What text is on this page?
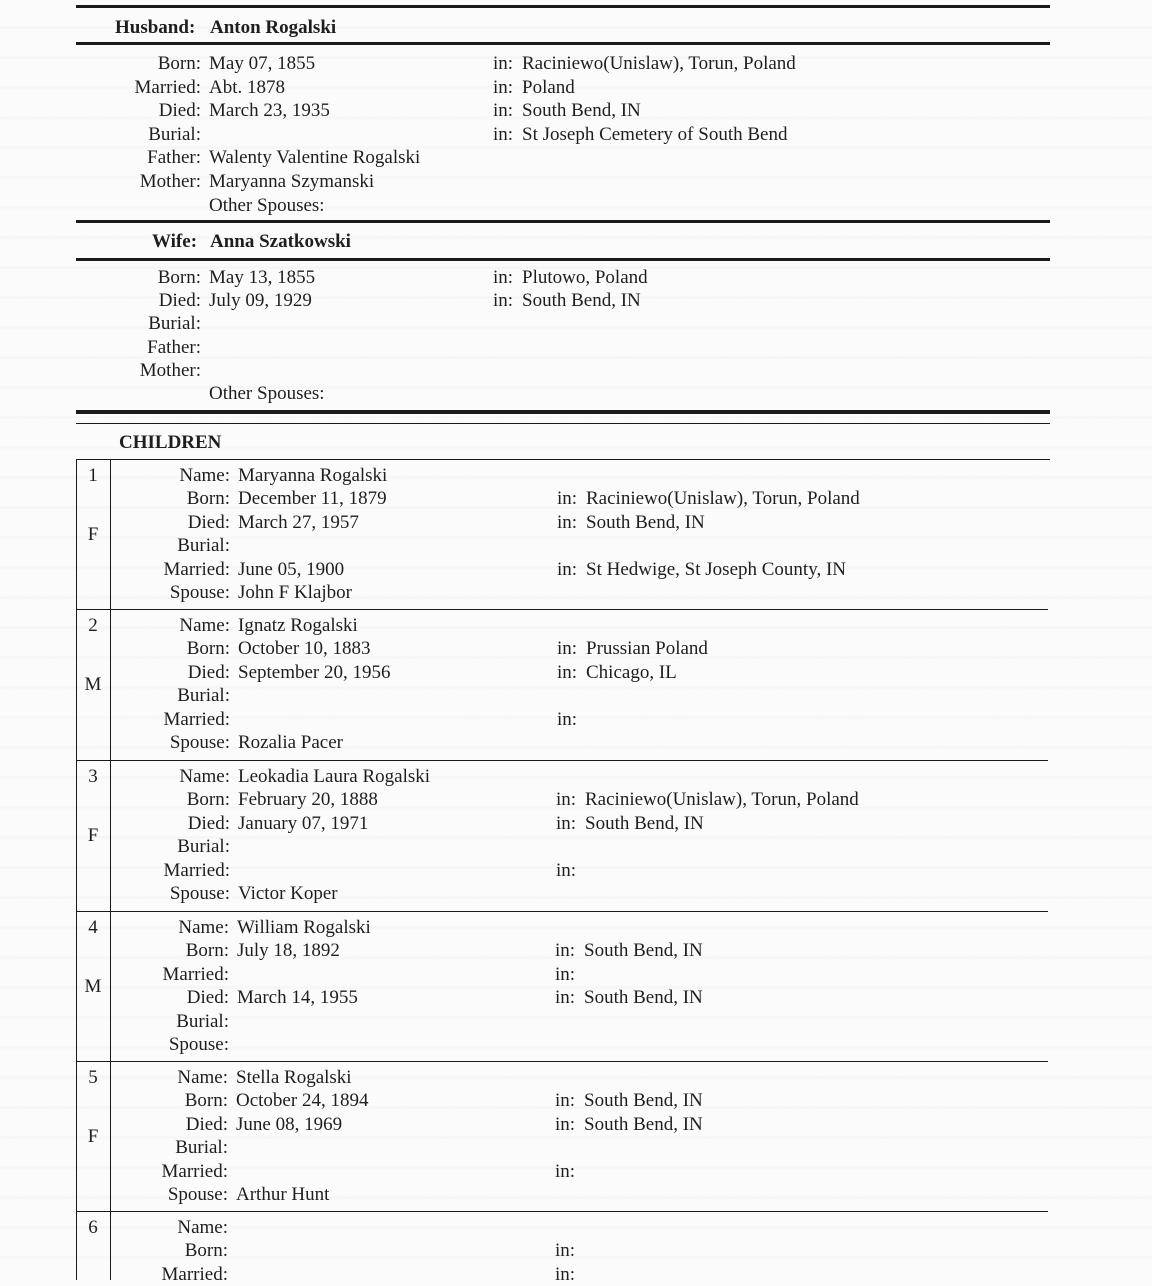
Husband: Anton Rogalski
Born: May 07, 1855	in: Raciniewo(Unislaw), Torun, Poland
Married: Abt. 1878	in: Poland
Died: March 23, 1935	in: South Bend, IN
Burial:	in: St Joseph Cemetery of South Bend
Father: Walenty Valentine Rogalski
Mother: Maryanna Szymanski
Other Spouses:
Wife: Anna Szatkowski
Born: May 13, 1855	in: Plutowo, Poland
Died: July 09, 1929	in: South Bend, IN
Burial:
Father:
Mother:
Other Spouses:
CHILDREN
1
F
Name: Maryanna Rogalski
Born: December 11, 1879	in: Raciniewo(Unislaw), Torun, Poland
Died: March 27, 1957	in: South Bend, IN
Burial:
Married: June 05, 1900	in: St Hedwige, St Joseph County, IN
Spouse: John F Klajbor
2
M
Name: Ignatz Rogalski
Born: October 10, 1883	in: Prussian Poland
Died: September 20, 1956	in: Chicago, IL
Burial:
Married:	in:
Spouse: Rozalia Pacer
3
F
Name: Leokadia Laura Rogalski
Born: February 20, 1888	in: Raciniewo(Unislaw), Torun, Poland
Died: January 07, 1971	in: South Bend, IN
Burial:
Married:	in:
Spouse: Victor Koper
4
M
Name: William Rogalski
Born: July 18, 1892	in: South Bend, IN
Married:	in:
Died: March 14, 1955	in: South Bend, IN
Burial:
Spouse:
5
F
Name: Stella Rogalski
Born: October 24, 1894	in: South Bend, IN
Died: June 08, 1969	in: South Bend, IN
Burial:
Married:	in:
Spouse: Arthur Hunt
6	Name:
Born:	in:
Married:	in:
